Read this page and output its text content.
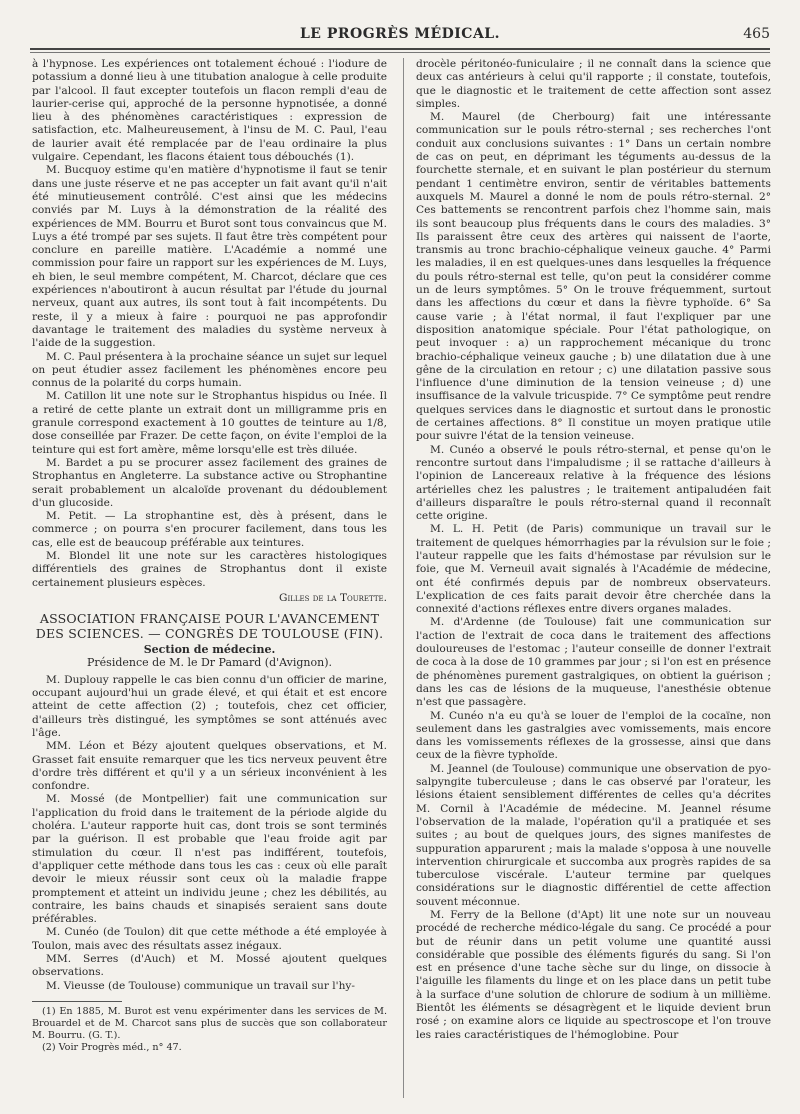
LE PROGRÈS MÉDICAL.	465

à l'hypnose. Les expériences ont totalement échoué : l'iodure de potassium a donné lieu à une titubation analogue à celle produite par l'alcool. Il faut excepter toutefois un flacon rempli d'eau de laurier-cerise qui, approché de la personne hypnotisée, a donné lieu à des phénomènes caractéristiques : expression de satisfaction, etc. Malheureusement, à l'insu de M. C. Paul, l'eau de laurier avait été remplacée par de l'eau ordinaire la plus vulgaire. Cependant, les flacons étaient tous débouchés (1).

M. Bucquoy estime qu'en matière d'hypnotisme il faut se tenir dans une juste réserve et ne pas accepter un fait avant qu'il n'ait été minutieusement contrôlé. C'est ainsi que les médecins conviés par M. Luys à la démonstration de la réalité des expériences de MM. Bourru et Burot sont tous convaincus que M. Luys a été trompé par ses sujets. Il faut être très compétent pour conclure en pareille matière. L'Académie a nommé une commission pour faire un rapport sur les expériences de M. Luys, eh bien, le seul membre compétent, M. Charcot, déclare que ces expériences n'aboutiront à aucun résultat par l'étude du journal nerveux, quant aux autres, ils sont tout à fait incompétents. Du reste, il y a mieux à faire : pourquoi ne pas approfondir davantage le traitement des maladies du système nerveux à l'aide de la suggestion.

M. C. Paul présentera à la prochaine séance un sujet sur lequel on peut étudier assez facilement les phénomènes encore peu connus de la polarité du corps humain.

M. Catillon lit une note sur le Strophantus hispidus ou Inée. Il a retiré de cette plante un extrait dont un milligramme pris en granule correspond exactement à 10 gouttes de teinture au 1/8, dose conseillée par Frazer. De cette façon, on évite l'emploi de la teinture qui est fort amère, même lorsqu'elle est très diluée.

M. Bardet a pu se procurer assez facilement des graines de Strophantus en Angleterre. La substance active ou Strophantine serait probablement un alcaloïde provenant du dédoublement d'un glucoside.

M. Petit. — La strophantine est, dès à présent, dans le commerce ; on pourra s'en procurer facilement, dans tous les cas, elle est de beaucoup préférable aux teintures.

M. Blondel lit une note sur les caractères histologiques différentiels des graines de Strophantus dont il existe certainement plusieurs espèces.

Gilles de la Tourette.
ASSOCIATION FRANÇAISE POUR L'AVANCEMENT DES SCIENCES. — CONGRÈS DE TOULOUSE (FIN).
Section de médecine.
Présidence de M. le Dr Pamard (d'Avignon).

M. Duplouy rappelle le cas bien connu d'un officier de marine, occupant aujourd'hui un grade élevé, et qui était et est encore atteint de cette affection (2) ; toutefois, chez cet officier, d'ailleurs très distingué, les symptômes se sont atténués avec l'âge.

MM. Léon et Bézy ajoutent quelques observations, et M. Grasset fait ensuite remarquer que les tics nerveux peuvent être d'ordre très différent et qu'il y a un sérieux inconvénient à les confondre.

M. Mossé (de Montpellier) fait une communication sur l'application du froid dans le traitement de la période algide du choléra. L'auteur rapporte huit cas, dont trois se sont terminés par la guérison. Il est probable que l'eau froide agit par stimulation du cœur. Il n'est pas indifférent, toutefois, d'appliquer cette méthode dans tous les cas : ceux où elle paraît devoir le mieux réussir sont ceux où la maladie frappe promptement et atteint un individu jeune ; chez les débilités, au contraire, les bains chauds et sinapisés seraient sans doute préférables.

M. Cunéo (de Toulon) dit que cette méthode a été employée à Toulon, mais avec des résultats assez inégaux.

MM. Serres (d'Auch) et M. Mossé ajoutent quelques observations.

M. Vieusse (de Toulouse) communique un travail sur l'hy-

(1) En 1885, M. Burot est venu expérimenter dans les services de M. Brouardel et de M. Charcot sans plus de succès que son collaborateur M. Bourru. (G. T.).

(2) Voir Progrès méd., n° 47.

drocèle péritonéo-funiculaire ; il ne connaît dans la science que deux cas antérieurs à celui qu'il rapporte ; il constate, toutefois, que le diagnostic et le traitement de cette affection sont assez simples.

M. Maurel (de Cherbourg) fait une intéressante communication sur le pouls rétro-sternal ; ses recherches l'ont conduit aux conclusions suivantes : 1° Dans un certain nombre de cas on peut, en déprimant les téguments au-dessus de la fourchette sternale, et en suivant le plan postérieur du sternum pendant 1 centimètre environ, sentir de véritables battements auxquels M. Maurel a donné le nom de pouls rétro-sternal. 2° Ces battements se rencontrent parfois chez l'homme sain, mais ils sont beaucoup plus fréquents dans le cours des maladies. 3° Ils paraissent être ceux des artères qui naissent de l'aorte, transmis au tronc brachio-céphalique veineux gauche. 4° Parmi les maladies, il en est quelques-unes dans lesquelles la fréquence du pouls rétro-sternal est telle, qu'on peut la considérer comme un de leurs symptômes. 5° On le trouve fréquemment, surtout dans les affections du cœur et dans la fièvre typhoïde. 6° Sa cause varie ; à l'état normal, il faut l'expliquer par une disposition anatomique spéciale. Pour l'état pathologique, on peut invoquer : a) un rapprochement mécanique du tronc brachio-céphalique veineux gauche ; b) une dilatation due à une gêne de la circulation en retour ; c) une dilatation passive sous l'influence d'une diminution de la tension veineuse ; d) une insuffisance de la valvule tricuspide. 7° Ce symptôme peut rendre quelques services dans le diagnostic et surtout dans le pronostic de certaines affections. 8° Il constitue un moyen pratique utile pour suivre l'état de la tension veineuse.

M. Cunéo a observé le pouls rétro-sternal, et pense qu'on le rencontre surtout dans l'impaludisme ; il se rattache d'ailleurs à l'opinion de Lancereaux relative à la fréquence des lésions artérielles chez les palustres ; le traitement antipaludéen fait d'ailleurs disparaître le pouls rétro-sternal quand il reconnaît cette origine.

M. L. H. Petit (de Paris) communique un travail sur le traitement de quelques hémorrhagies par la révulsion sur le foie ; l'auteur rappelle que les faits d'hémostase par révulsion sur le foie, que M. Verneuil avait signalés à l'Académie de médecine, ont été confirmés depuis par de nombreux observateurs. L'explication de ces faits parait devoir être cherchée dans la connexité d'actions réflexes entre divers organes malades.

M. d'Ardenne (de Toulouse) fait une communication sur l'action de l'extrait de coca dans le traitement des affections douloureuses de l'estomac ; l'auteur conseille de donner l'extrait de coca à la dose de 10 grammes par jour ; si l'on est en présence de phénomènes purement gastralgiques, on obtient la guérison ; dans les cas de lésions de la muqueuse, l'anesthésie obtenue n'est que passagère.

M. Cunéo n'a eu qu'à se louer de l'emploi de la cocaïne, non seulement dans les gastralgies avec vomissements, mais encore dans les vomissements réflexes de la grossesse, ainsi que dans ceux de la fièvre typhoïde.

M. Jeannel (de Toulouse) communique une observation de pyo-salpyngite tuberculeuse ; dans le cas observé par l'orateur, les lésions étaient sensiblement différentes de celles qu'a décrites M. Cornil à l'Académie de médecine. M. Jeannel résume l'observation de la malade, l'opération qu'il a pratiquée et ses suites ; au bout de quelques jours, des signes manifestes de suppuration apparurent ; mais la malade s'opposa à une nouvelle intervention chirurgicale et succomba aux progrès rapides de sa tuberculose viscérale. L'auteur termine par quelques considérations sur le diagnostic différentiel de cette affection souvent méconnue.

M. Ferry de la Bellone (d'Apt) lit une note sur un nouveau procédé de recherche médico-légale du sang. Ce procédé a pour but de réunir dans un petit volume une quantité aussi considérable que possible des éléments figurés du sang. Si l'on est en présence d'une tache sèche sur du linge, on dissocie à l'aiguille les filaments du linge et on les place dans un petit tube à la surface d'une solution de chlorure de sodium à un millième. Bientôt les éléments se désagrègent et le liquide devient brun rosé ; on examine alors ce liquide au spectroscope et l'on trouve les raies caractéristiques de l'hémoglobine. Pour
